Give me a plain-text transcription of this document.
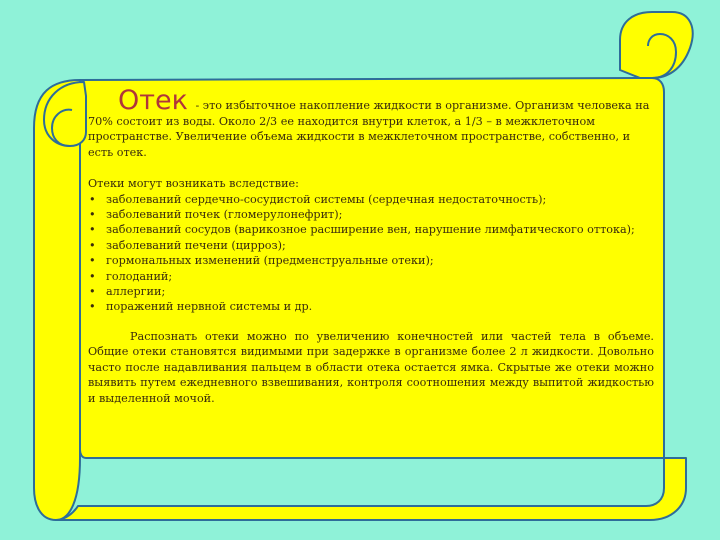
Отек - это избыточное накопление жидкости в организме. Организм человека на 70% состоит из воды. Около 2/3 ее находится внутри клеток, а 1/3 – в межклеточном пространстве. Увеличение объема жидкости в межклеточном пространстве, собственно, и есть отек.

Отеки могут возникать вследствие:

• заболеваний сердечно-сосудистой системы (сердечная недостаточность);
• заболеваний почек (гломерулонефрит);
• заболеваний сосудов (варикозное расширение вен, нарушение лимфатического оттока);
• заболеваний печени (цирроз);
• гормональных изменений (предменструальные отеки);
• голоданий;
• аллергии;
• поражений нервной системы и др.

Распознать отеки можно по увеличению конечностей или частей тела в объеме. Общие отеки становятся видимыми при задержке в организме более 2 л жидкости. Довольно часто после надавливания пальцем в области отека остается ямка. Скрытые же отеки можно выявить путем ежедневного взвешивания, контроля соотношения между выпитой жидкостью и выделенной мочой.
